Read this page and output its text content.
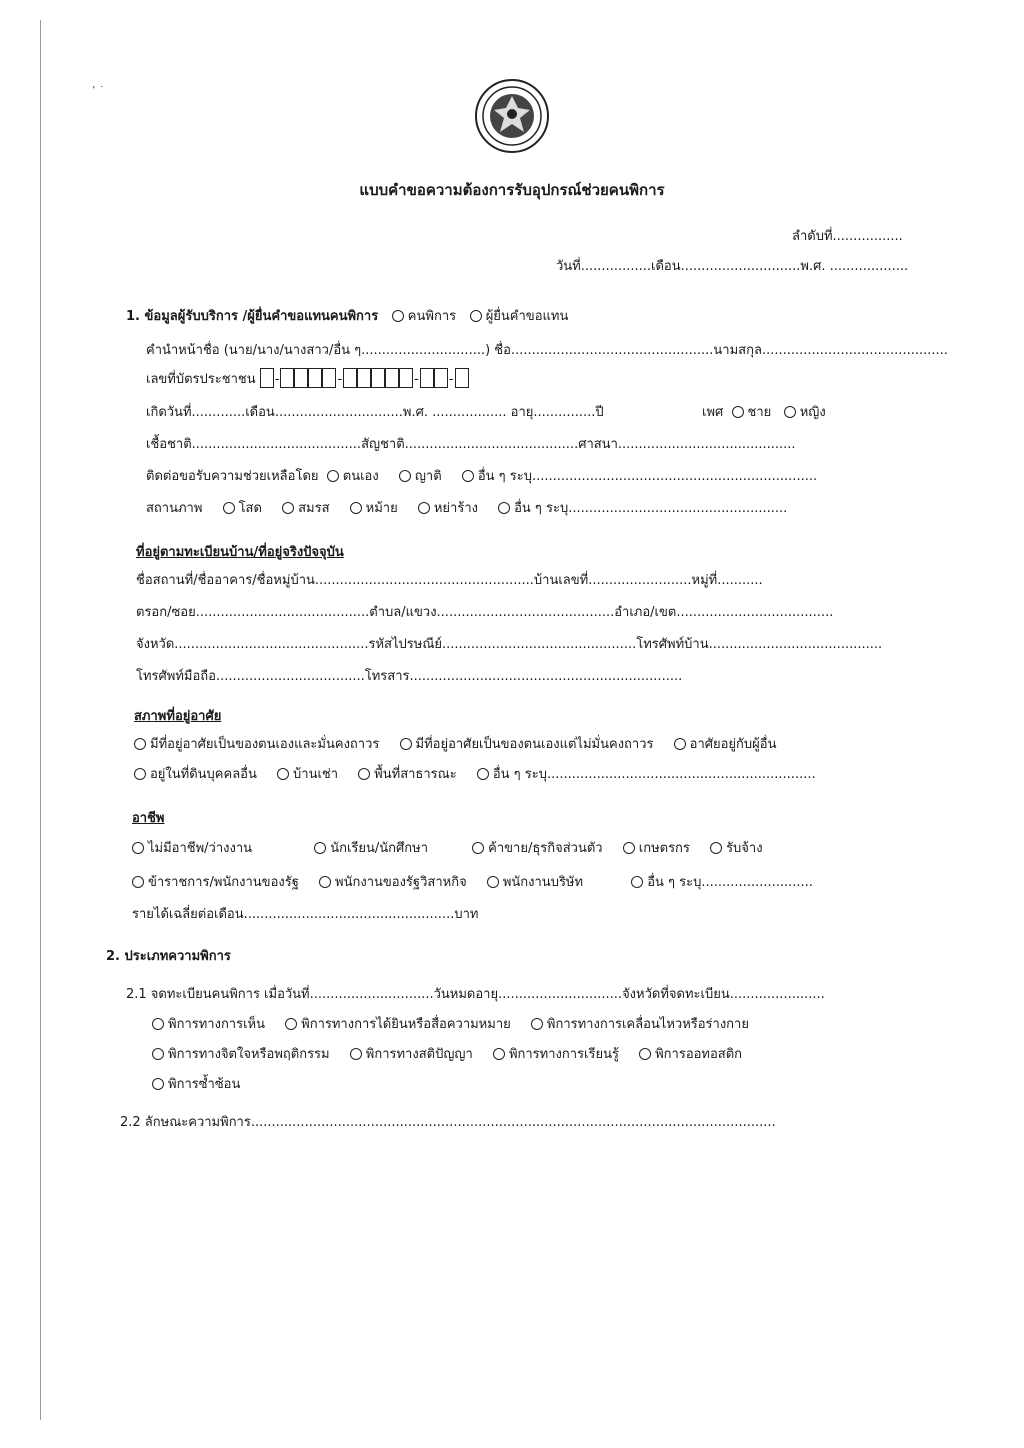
ʼ ˙
แบบคำขอความต้องการรับอุปกรณ์ช่วยคนพิการ
ลำดับที่.................
วันที่.................เดือน.............................พ.ศ. ...................
1. ข้อมูลผู้รับบริการ /ผู้ยื่นคำขอแทนคนพิการ คนพิการ ผู้ยื่นคำขอแทน
คำนำหน้าชื่อ (นาย/นาง/นางสาว/อื่น ๆ..............................) ชื่อ.................................................นามสกุล.............................................
เลขที่บัตรประชาชน -	-	- -
เกิดวันที่.............เดือน...............................พ.ศ. .................. อายุ...............ปี	เพศ ชาย หญิง
เชื้อชาติ.........................................สัญชาติ..........................................ศาสนา...........................................
ติดต่อขอรับความช่วยเหลือโดย ตนเอง	ญาติ	อื่น ๆ ระบุ.....................................................................
สถานภาพ	โสด	สมรส	หม้าย	หย่าร้าง	อื่น ๆ ระบุ.....................................................
ที่อยู่ตามทะเบียนบ้าน/ที่อยู่จริงปัจจุบัน
ชื่อสถานที่/ชื่ออาคาร/ชื่อหมู่บ้าน.....................................................บ้านเลขที่.........................หมู่ที่...........
ตรอก/ซอย..........................................ตำบล/แขวง...........................................อำเภอ/เขต......................................
จังหวัด...............................................รหัสไปรษณีย์...............................................โทรศัพท์บ้าน..........................................
โทรศัพท์มือถือ....................................โทรสาร..................................................................
สภาพที่อยู่อาศัย
มีที่อยู่อาศัยเป็นของตนเองและมั่นคงถาวร	มีที่อยู่อาศัยเป็นของตนเองแต่ไม่มั่นคงถาวร	อาศัยอยู่กับผู้อื่น
อยู่ในที่ดินบุคคลอื่น	บ้านเช่า	พื้นที่สาธารณะ	อื่น ๆ ระบุ.................................................................
อาชีพ
ไม่มีอาชีพ/ว่างงาน	นักเรียน/นักศึกษา	ค้าขาย/ธุรกิจส่วนตัว	เกษตรกร	รับจ้าง
ข้าราชการ/พนักงานของรัฐ	พนักงานของรัฐวิสาหกิจ	พนักงานบริษัท	อื่น ๆ ระบุ...........................
รายได้เฉลี่ยต่อเดือน...................................................บาท
2. ประเภทความพิการ
2.1 จดทะเบียนคนพิการ เมื่อวันที่..............................วันหมดอายุ..............................จังหวัดที่จดทะเบียน.......................
พิการทางการเห็น	พิการทางการได้ยินหรือสื่อความหมาย	พิการทางการเคลื่อนไหวหรือร่างกาย
พิการทางจิตใจหรือพฤติกรรม	พิการทางสติปัญญา	พิการทางการเรียนรู้	พิการออทอสติก
พิการซ้ำซ้อน
2.2 ลักษณะความพิการ...............................................................................................................................
